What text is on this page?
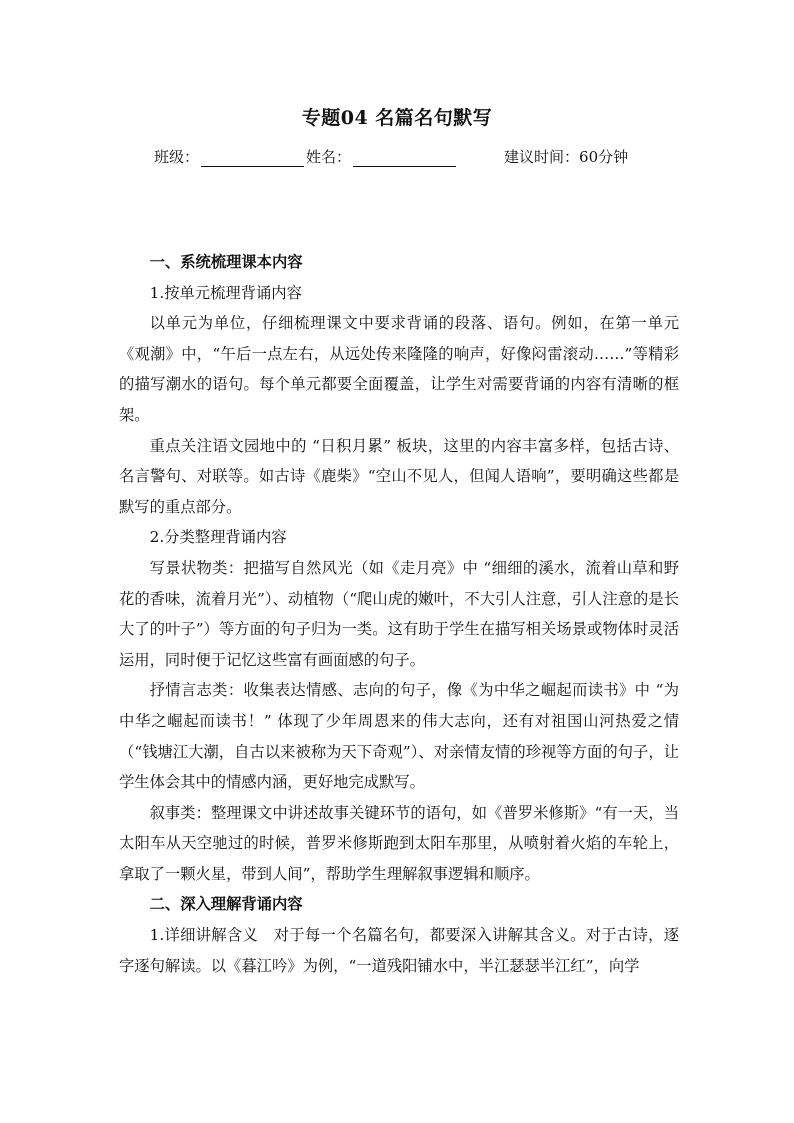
专题04 名篇名句默写
班级：	姓名：	建议时间：60分钟

一、系统梳理课本内容

1.按单元梳理背诵内容

以单元为单位，仔细梳理课文中要求背诵的段落、语句。例如，在第一单元《观潮》中，“午后一点左右，从远处传来隆隆的响声，好像闷雷滚动……”等精彩的描写潮水的语句。每个单元都要全面覆盖，让学生对需要背诵的内容有清晰的框架。

重点关注语文园地中的 “日积月累” 板块，这里的内容丰富多样，包括古诗、名言警句、对联等。如古诗《鹿柴》“空山不见人，但闻人语响”，要明确这些都是默写的重点部分。

2.分类整理背诵内容

写景状物类：把描写自然风光（如《走月亮》中 “细细的溪水，流着山草和野花的香味，流着月光”）、动植物（“爬山虎的嫩叶，不大引人注意，引人注意的是长大了的叶子”）等方面的句子归为一类。这有助于学生在描写相关场景或物体时灵活运用，同时便于记忆这些富有画面感的句子。

抒情言志类：收集表达情感、志向的句子，像《为中华之崛起而读书》中 “为中华之崛起而读书！” 体现了少年周恩来的伟大志向，还有对祖国山河热爱之情（“钱塘江大潮，自古以来被称为天下奇观”）、对亲情友情的珍视等方面的句子，让学生体会其中的情感内涵，更好地完成默写。

叙事类：整理课文中讲述故事关键环节的语句，如《普罗米修斯》“有一天，当太阳车从天空驰过的时候，普罗米修斯跑到太阳车那里，从喷射着火焰的车轮上，拿取了一颗火星，带到人间”，帮助学生理解叙事逻辑和顺序。

二、深入理解背诵内容

1.详细讲解含义　对于每一个名篇名句，都要深入讲解其含义。对于古诗，逐字逐句解读。以《暮江吟》为例，“一道残阳铺水中，半江瑟瑟半江红”，向学
